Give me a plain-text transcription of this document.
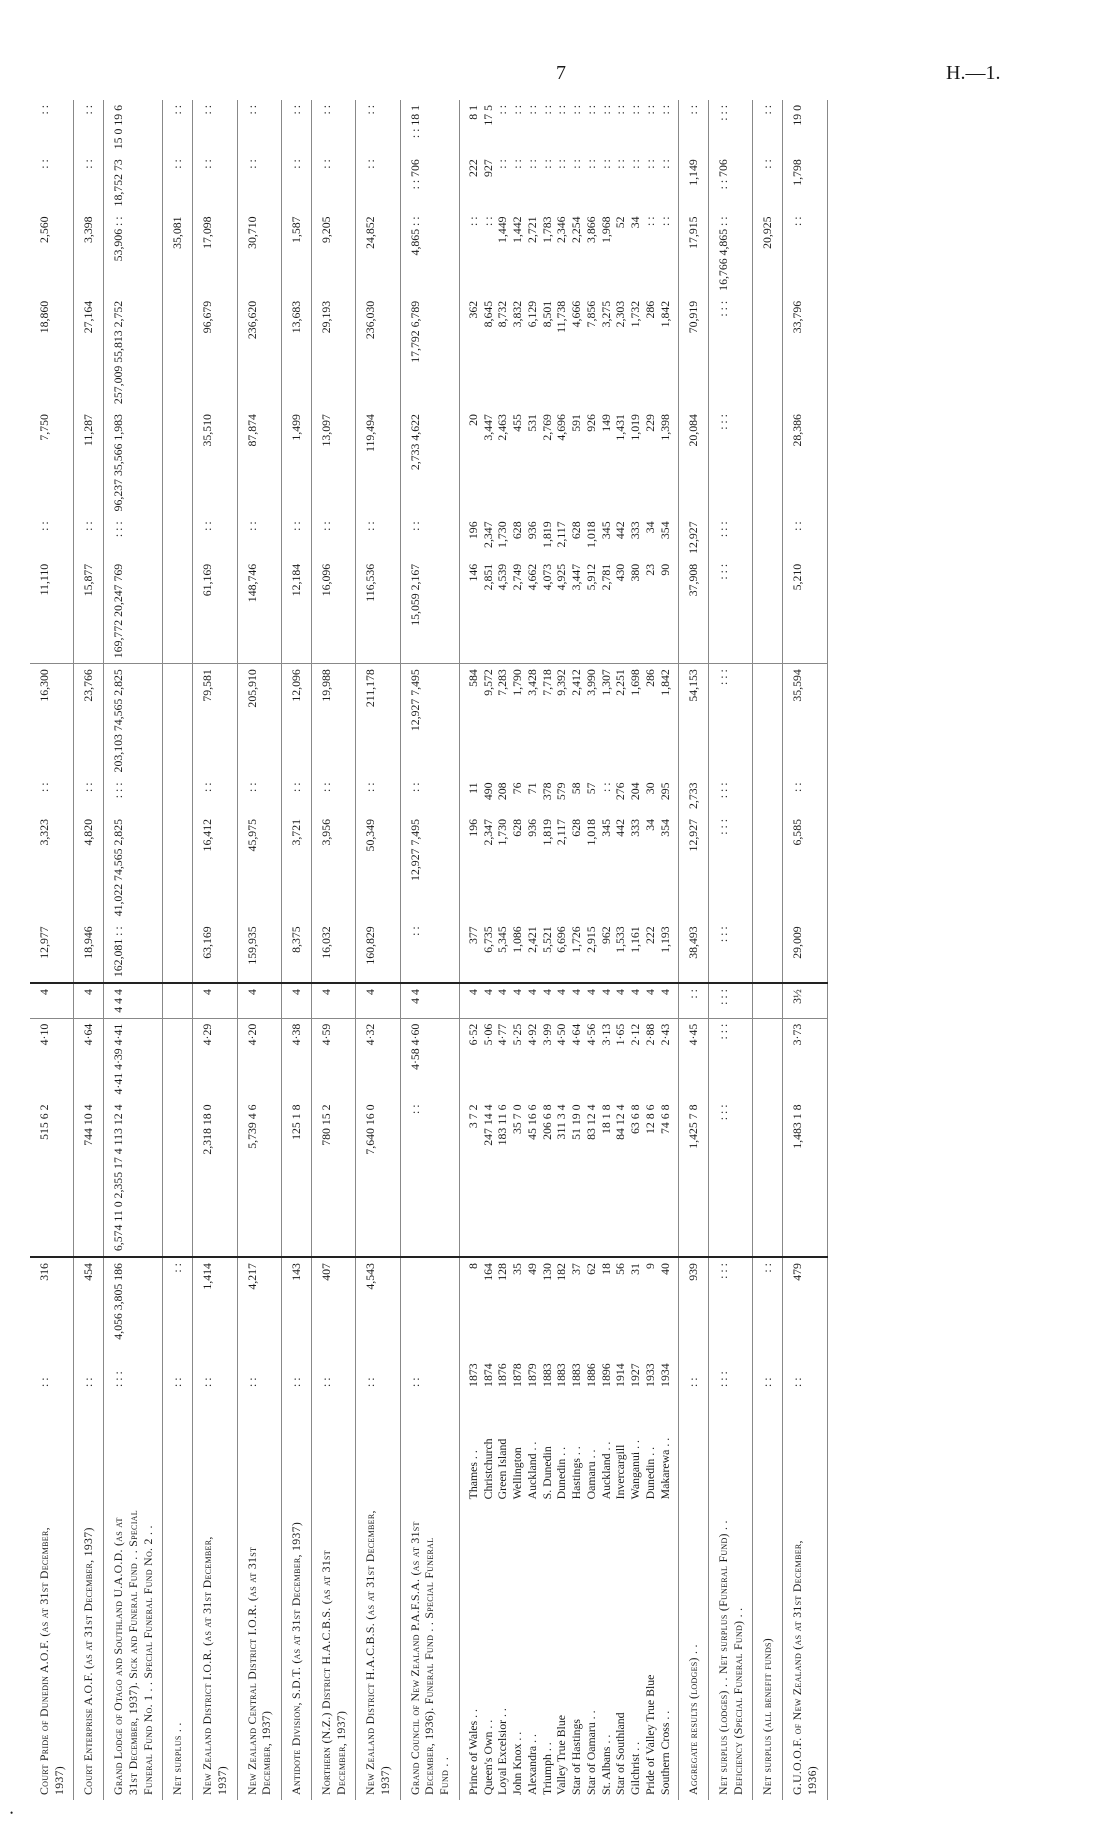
7	H.—1.
•
Court Pride of Dunedin A.O.F. (as at 31st December, 1937)		: :	316	515 6 2	4·10	4	12,977	3,323	: :	16,300	11,110	: :	7,750	18,860	2,560	: :	: :
Court Enterprise A.O.F. (as at 31st December, 1937)		: :	454	744 10 4	4·64	4	18,946	4,820	: :	23,766	15,877	: :	11,287	27,164	3,398	: :	: :
Grand Lodge of Otago and Southland U.A.O.D. (as at 31st December, 1937). Sick and Funeral Fund . . Special Funeral Fund No. 1 . . Special Funeral Fund No. 2 . .		: : :	4,056 3,805 186	6,574 11 0 2,355 17 4 113 12 4	4·41 4·39 4·41	4 4 4	162,081 : :	41,022 74,565 2,825	: : :	203,103 74,565 2,825	169,772 20,247 769	: : :	96,237 35,566 1,983	257,009 55,813 2,752	53,906 : :	18,752 73	15 0 19 6
Net surplus . .		: :	: :												35,081	: :	: :
New Zealand District I.O.R. (as at 31st December, 1937)		: :	1,414	2,318 18 0	4·29	4	63,169	16,412	: :	79,581	61,169	: :	35,510	96,679	17,098	: :	: :
New Zealand Central District I.O.R. (as at 31st December, 1937)		: :	4,217	5,739 4 6	4·20	4	159,935	45,975	: :	205,910	148,746	: :	87,874	236,620	30,710	: :	: :
Antidote Division, S.D.T. (as at 31st December, 1937)		: :	143	125 1 8	4·38	4	8,375	3,721	: :	12,096	12,184	: :	1,499	13,683	1,587	: :	: :
Northern (N.Z.) District H.A.C.B.S. (as at 31st December, 1937)		: :	407	780 15 2	4·59	4	16,032	3,956	: :	19,988	16,096	: :	13,097	29,193	9,205	: :	: :
New Zealand District H.A.C.B.S. (as at 31st December, 1937)		: :	4,543	7,640 16 0	4·32	4	160,829	50,349	: :	211,178	116,536	: :	119,494	236,030	24,852	: :	: :
Grand Council of New Zealand P.A.F.S.A. (as at 31st December, 1936). Funeral Fund . . Special Funeral Fund . .		: :		: :	4·58 4·60	4 4	: :	12,927 7,495	: :	12,927 7,495	15,059 2,167	: :	2,733 4,622	17,792 6,789	4,865 : :	: : 706	: : 18 1
Prince of Wales . .	Thames . .	1873	8	3 7 2	6·52	4	377	196	11	584	146	196	20	362	: :	222	8 1
Queen's Own . .	Christchurch	1874	164	247 14 4	5·06	4	6,735	2,347	490	9,572	2,851	2,347	3,447	8,645	: :	927	17 5
Loyal Excelsior . .	Green Island	1876	128	183 11 6	4·77	4	5,345	1,730	208	7,283	4,539	1,730	2,463	8,732	1,449	: :	: :
John Knox . .	Wellington	1878	35	35 7 0	5·25	4	1,086	628	76	1,790	2,749	628	455	3,832	1,442	: :	: :
Alexandra . .	Auckland . .	1879	49	45 16 6	4·92	4	2,421	936	71	3,428	4,662	936	531	6,129	2,721	: :	: :
Triumph . .	S. Dunedin	1883	130	206 6 8	3·99	4	5,521	1,819	378	7,718	4,073	1,819	2,769	8,501	1,783	: :	: :
Valley True Blue	Dunedin . .	1883	182	311 3 4	4·50	4	6,696	2,117	579	9,392	4,925	2,117	4,696	11,738	2,346	: :	: :
Star of Hastings	Hastings . .	1883	37	51 19 0	4·64	4	1,726	628	58	2,412	3,447	628	591	4,666	2,254	: :	: :
Star of Oamaru . .	Oamaru . .	1886	62	83 12 4	4·56	4	2,915	1,018	57	3,990	5,912	1,018	926	7,856	3,866	: :	: :
St. Albans . .	Auckland . .	1896	18	18 1 8	3·13	4	962	345	: :	1,307	2,781	345	149	3,275	1,968	: :	: :
Star of Southland	Invercargill	1914	56	84 12 4	1·65	4	1,533	442	276	2,251	430	442	1,431	2,303	52	: :	: :
Gilchrist . .	Wanganui . .	1927	31	63 6 8	2·12	4	1,161	333	204	1,698	380	333	1,019	1,732	34	: :	: :
Pride of Valley True Blue	Dunedin . .	1933	9	12 8 6	2·88	4	222	34	30	286	23	34	229	286	: :	: :	: :
Southern Cross . .	Makarewa . .	1934	40	74 6 8	2·43	4	1,193	354	295	1,842	90	354	1,398	1,842	: :	: :	: :
Aggregate results (lodges) . .		: :	939	1,425 7 8	4·45	: :	38,493	12,927	2,733	54,153	37,908	12,927	20,084	70,919	17,915	1,149	: :
Net surplus (lodges) . . Net surplus (Funeral Fund) . . Deficiency (Special Funeral Fund) . .		: : :	: : :	: : :	: : :	: : :	: : :	: : :	: : :	: : :	: : :	: : :	: : :	: : :	16,766 4,865 : :	: : 706	: : :
Net surplus (all benefit funds)		: :	: :												20,925	: :	: :
G.U.O.O.F. of New Zealand (as at 31st December, 1936)		: :	479	1,483 1 8	3·73	3½	29,009	6,585	: :	35,594	5,210	: :	28,386	33,796	: :	1,798	19 0
